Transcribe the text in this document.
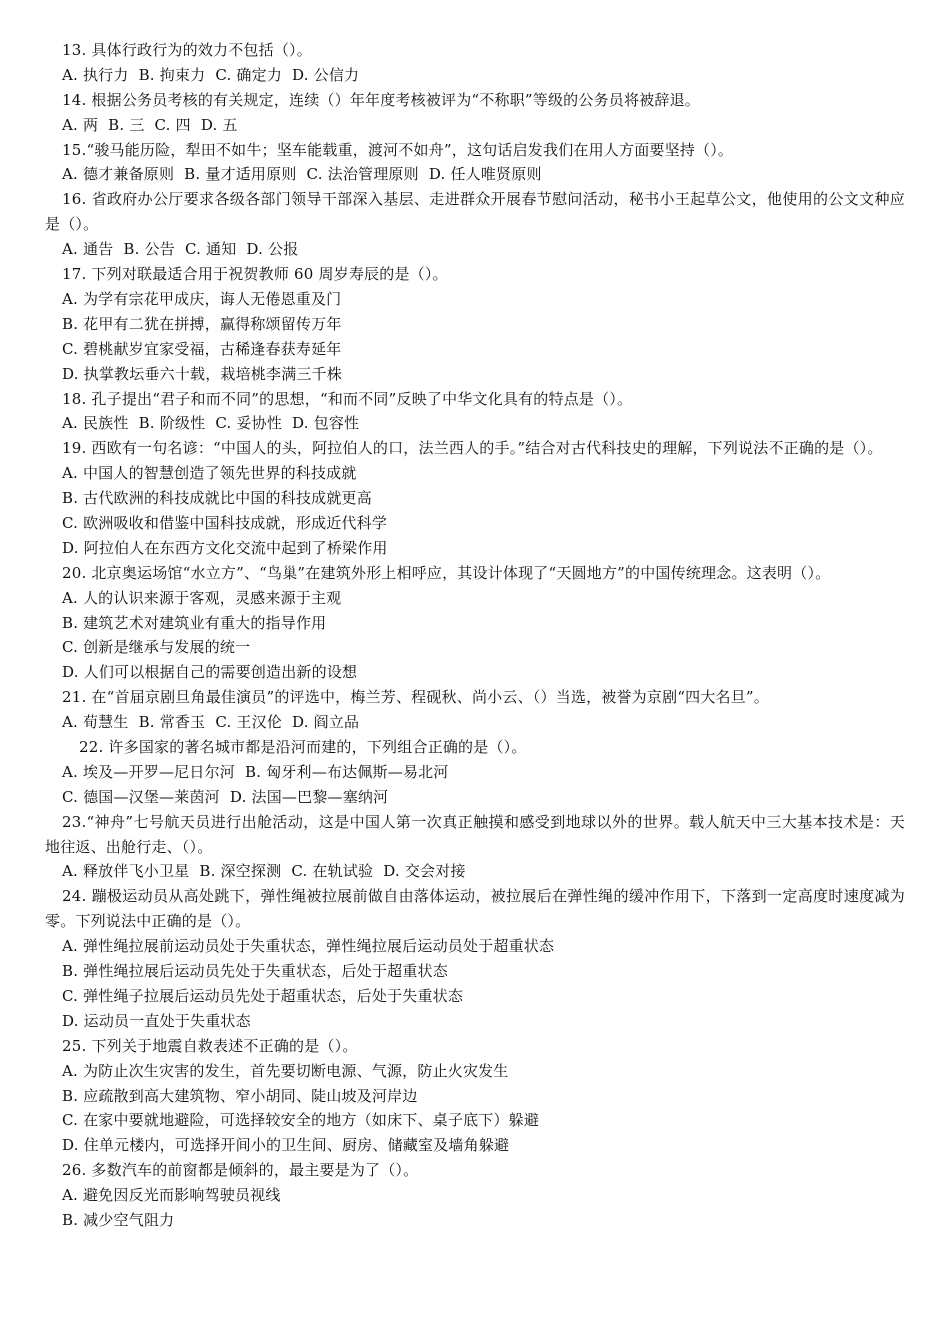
13. 具体行政行为的效力不包括（）。
A. 执行力 B. 拘束力 C. 确定力 D. 公信力
14. 根据公务员考核的有关规定，连续（）年年度考核被评为“不称职”等级的公务员将被辞退。
A. 两 B. 三 C. 四 D. 五
15.“骏马能历险，犁田不如牛；坚车能载重，渡河不如舟”，这句话启发我们在用人方面要坚持（）。
A. 德才兼备原则 B. 量才适用原则 C. 法治管理原则 D. 任人唯贤原则
16. 省政府办公厅要求各级各部门领导干部深入基层、走进群众开展春节慰问活动，秘书小王起草公文，他使用的公文文种应是（）。
A. 通告 B. 公告 C. 通知 D. 公报
17. 下列对联最适合用于祝贺教师 60 周岁寿辰的是（）。
A. 为学有宗花甲成庆，诲人无倦恩重及门
B. 花甲有二犹在拼搏，赢得称颂留传万年
C. 碧桃献岁宜家受福，古稀逢春获寿延年
D. 执掌教坛垂六十载，栽培桃李满三千株
18. 孔子提出“君子和而不同”的思想，“和而不同”反映了中华文化具有的特点是（）。
A. 民族性 B. 阶级性 C. 妥协性 D. 包容性
19. 西欧有一句名谚：“中国人的头，阿拉伯人的口，法兰西人的手。”结合对古代科技史的理解，下列说法不正确的是（）。
A. 中国人的智慧创造了领先世界的科技成就
B. 古代欧洲的科技成就比中国的科技成就更高
C. 欧洲吸收和借鉴中国科技成就，形成近代科学
D. 阿拉伯人在东西方文化交流中起到了桥梁作用
20. 北京奥运场馆“水立方”、“鸟巢”在建筑外形上相呼应，其设计体现了“天圆地方”的中国传统理念。这表明（）。
A. 人的认识来源于客观，灵感来源于主观
B. 建筑艺术对建筑业有重大的指导作用
C. 创新是继承与发展的统一
D. 人们可以根据自己的需要创造出新的设想
21. 在“首届京剧旦角最佳演员”的评选中，梅兰芳、程砚秋、尚小云、（）当选，被誉为京剧“四大名旦”。
A. 荀慧生 B. 常香玉 C. 王汉伦 D. 阎立品
22. 许多国家的著名城市都是沿河而建的，下列组合正确的是（）。
A. 埃及—开罗—尼日尔河 B. 匈牙利—布达佩斯—易北河
C. 德国—汉堡—莱茵河 D. 法国—巴黎—塞纳河
23.“神舟”七号航天员进行出舱活动，这是中国人第一次真正触摸和感受到地球以外的世界。载人航天中三大基本技术是：天地往返、出舱行走、（）。
A. 释放伴飞小卫星 B. 深空探测 C. 在轨试验 D. 交会对接
24. 蹦极运动员从高处跳下，弹性绳被拉展前做自由落体运动，被拉展后在弹性绳的缓冲作用下，下落到一定高度时速度减为零。下列说法中正确的是（）。
A. 弹性绳拉展前运动员处于失重状态，弹性绳拉展后运动员处于超重状态
B. 弹性绳拉展后运动员先处于失重状态，后处于超重状态
C. 弹性绳子拉展后运动员先处于超重状态，后处于失重状态
D. 运动员一直处于失重状态
25. 下列关于地震自救表述不正确的是（）。
A. 为防止次生灾害的发生，首先要切断电源、气源，防止火灾发生
B. 应疏散到高大建筑物、窄小胡同、陡山坡及河岸边
C. 在家中要就地避险，可选择较安全的地方（如床下、桌子底下）躲避
D. 住单元楼内，可选择开间小的卫生间、厨房、储藏室及墙角躲避
26. 多数汽车的前窗都是倾斜的，最主要是为了（）。
A. 避免因反光而影响驾驶员视线
B. 减少空气阻力
